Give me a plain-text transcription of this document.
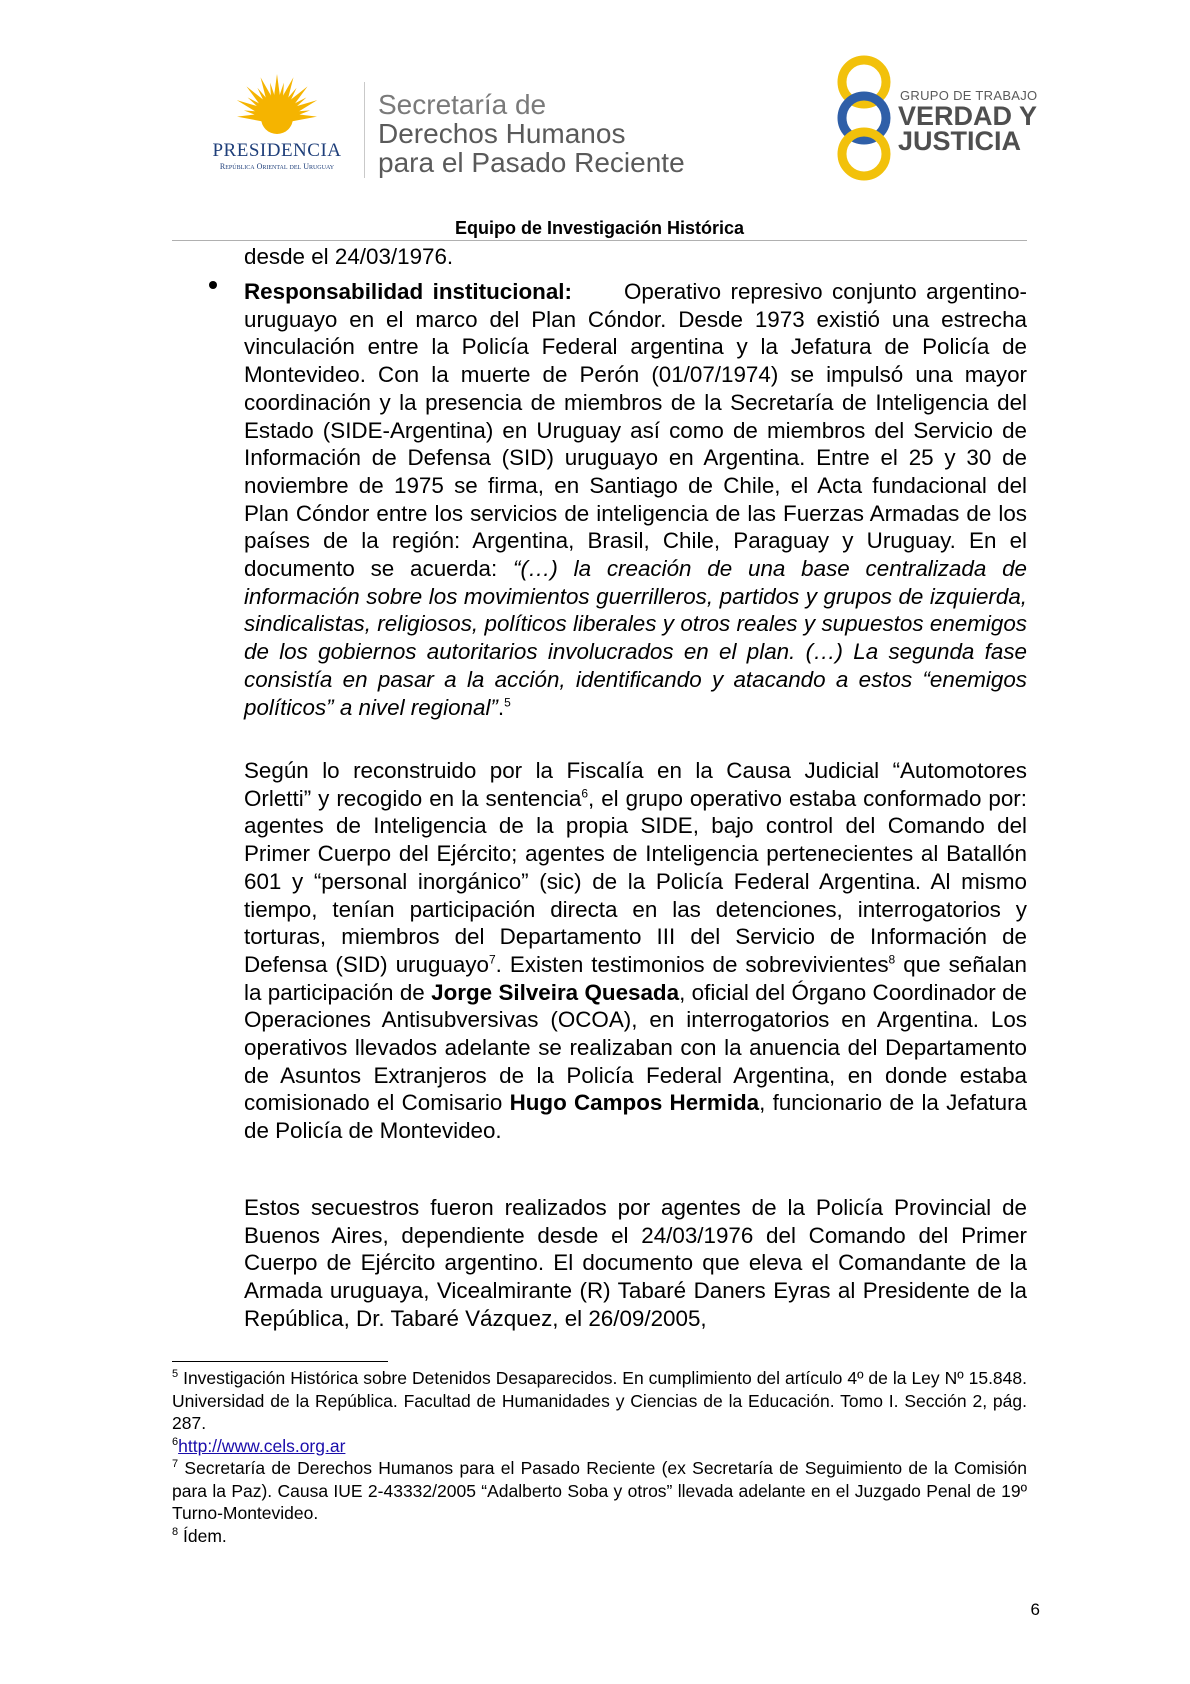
PRESIDENCIA
República Oriental del Uruguay
Secretaría de
Derechos Humanos
para el Pasado Reciente
GRUPO DE TRABAJO
VERDAD Y
JUSTICIA
Equipo de Investigación Histórica
desde el 24/03/1976.
Responsabilidad institucional: Operativo represivo conjunto argentino-uruguayo en el marco del Plan Cóndor. Desde 1973 existió una estrecha vinculación entre la Policía Federal argentina y la Jefatura de Policía de Montevideo. Con la muerte de Perón (01/07/1974) se impulsó una mayor coordinación y la presencia de miembros de la Secretaría de Inteligencia del Estado (SIDE-Argentina) en Uruguay así como de miembros del Servicio de Información de Defensa (SID) uruguayo en Argentina. Entre el 25 y 30 de noviembre de 1975 se firma, en Santiago de Chile, el Acta fundacional del Plan Cóndor entre los servicios de inteligencia de las Fuerzas Armadas de los países de la región: Argentina, Brasil, Chile, Paraguay y Uruguay. En el documento se acuerda: “(…) la creación de una base centralizada de información sobre los movimientos guerrilleros, partidos y grupos de izquierda, sindicalistas, religiosos, políticos liberales y otros reales y supuestos enemigos de los gobiernos autoritarios involucrados en el plan. (…) La segunda fase consistía en pasar a la acción, identificando y atacando a estos “enemigos políticos” a nivel regional”.$^5$
Según lo reconstruido por la Fiscalía en la Causa Judicial “Automotores Orletti” y recogido en la sentencia$^6$, el grupo operativo estaba conformado por: agentes de Inteligencia de la propia SIDE, bajo control del Comando del Primer Cuerpo del Ejército; agentes de Inteligencia pertenecientes al Batallón 601 y “personal inorgánico” (sic) de la Policía Federal Argentina. Al mismo tiempo, tenían participación directa en las detenciones, interrogatorios y torturas, miembros del Departamento III del Servicio de Información de Defensa (SID) uruguayo$^7$. Existen testimonios de sobrevivientes$^8$ que señalan la participación de Jorge Silveira Quesada, oficial del Órgano Coordinador de Operaciones Antisubversivas (OCOA), en interrogatorios en Argentina. Los operativos llevados adelante se realizaban con la anuencia del Departamento de Asuntos Extranjeros de la Policía Federal Argentina, en donde estaba comisionado el Comisario Hugo Campos Hermida, funcionario de la Jefatura de Policía de Montevideo.
Estos secuestros fueron realizados por agentes de la Policía Provincial de Buenos Aires, dependiente desde el 24/03/1976 del Comando del Primer Cuerpo de Ejército argentino. El documento que eleva el Comandante de la Armada uruguaya, Vicealmirante (R) Tabaré Daners Eyras al Presidente de la República, Dr. Tabaré Vázquez, el 26/09/2005,
$^5$ Investigación Histórica sobre Detenidos Desaparecidos. En cumplimiento del artículo 4º de la Ley Nº 15.848. Universidad de la República. Facultad de Humanidades y Ciencias de la Educación. Tomo I. Sección 2, pág. 287.
$^6$http://www.cels.org.ar
$^7$ Secretaría de Derechos Humanos para el Pasado Reciente (ex Secretaría de Seguimiento de la Comisión para la Paz). Causa IUE 2-43332/2005 “Adalberto Soba y otros” llevada adelante en el Juzgado Penal de 19º Turno-Montevideo.
$^8$ Ídem.
6
